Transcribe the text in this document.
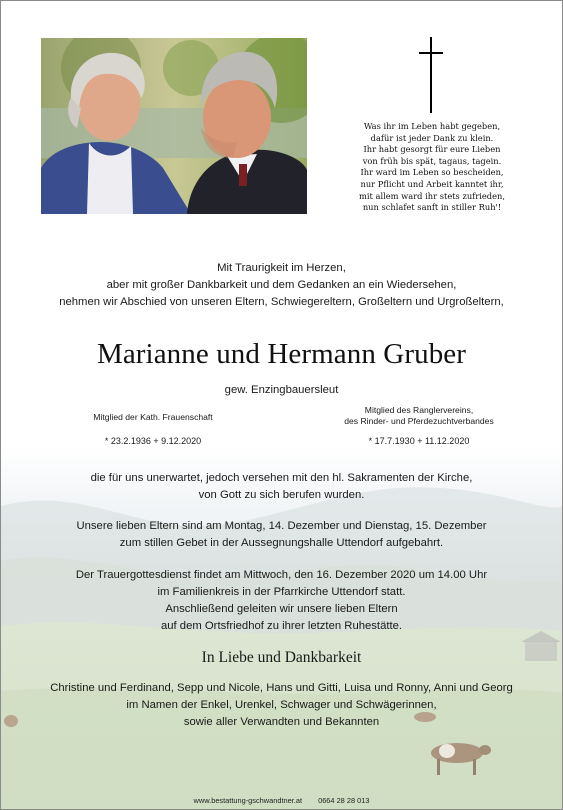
Was ihr im Leben habt gegeben,
dafür ist jeder Dank zu klein.
Ihr habt gesorgt für eure Lieben
von früh bis spät, tagaus, tagein.
Ihr ward im Leben so bescheiden,
nur Pflicht und Arbeit kanntet ihr,
mit allem ward ihr stets zufrieden,
nun schlafet sanft in stiller Ruh'!
Mit Traurigkeit im Herzen,
aber mit großer Dankbarkeit und dem Gedanken an ein Wiedersehen,
nehmen wir Abschied von unseren Eltern, Schwiegereltern, Großeltern und Urgroßeltern,
Marianne und Hermann Gruber
gew. Enzingbauersleut
Mitglied der Kath. Frauenschaft
Mitglied des Ranglervereins,
des Rinder- und Pferdezuchtverbandes
* 23.2.1936 + 9.12.2020	* 17.7.1930 + 11.12.2020
die für uns unerwartet, jedoch versehen mit den hl. Sakramenten der Kirche,
von Gott zu sich berufen wurden.
Unsere lieben Eltern sind am Montag, 14. Dezember und Dienstag, 15. Dezember
zum stillen Gebet in der Aussegnungshalle Uttendorf aufgebahrt.
Der Trauergottesdienst findet am Mittwoch, den 16. Dezember 2020 um 14.00 Uhr
im Familienkreis in der Pfarrkirche Uttendorf statt.
Anschließend geleiten wir unsere lieben Eltern
auf dem Ortsfriedhof zu ihrer letzten Ruhestätte.
In Liebe und Dankbarkeit
Christine und Ferdinand, Sepp und Nicole, Hans und Gitti, Luisa und Ronny, Anni und Georg
im Namen der Enkel, Urenkel, Schwager und Schwägerinnen,
sowie aller Verwandten und Bekannten
www.bestattung-gschwandtner.at 0664 28 28 013
